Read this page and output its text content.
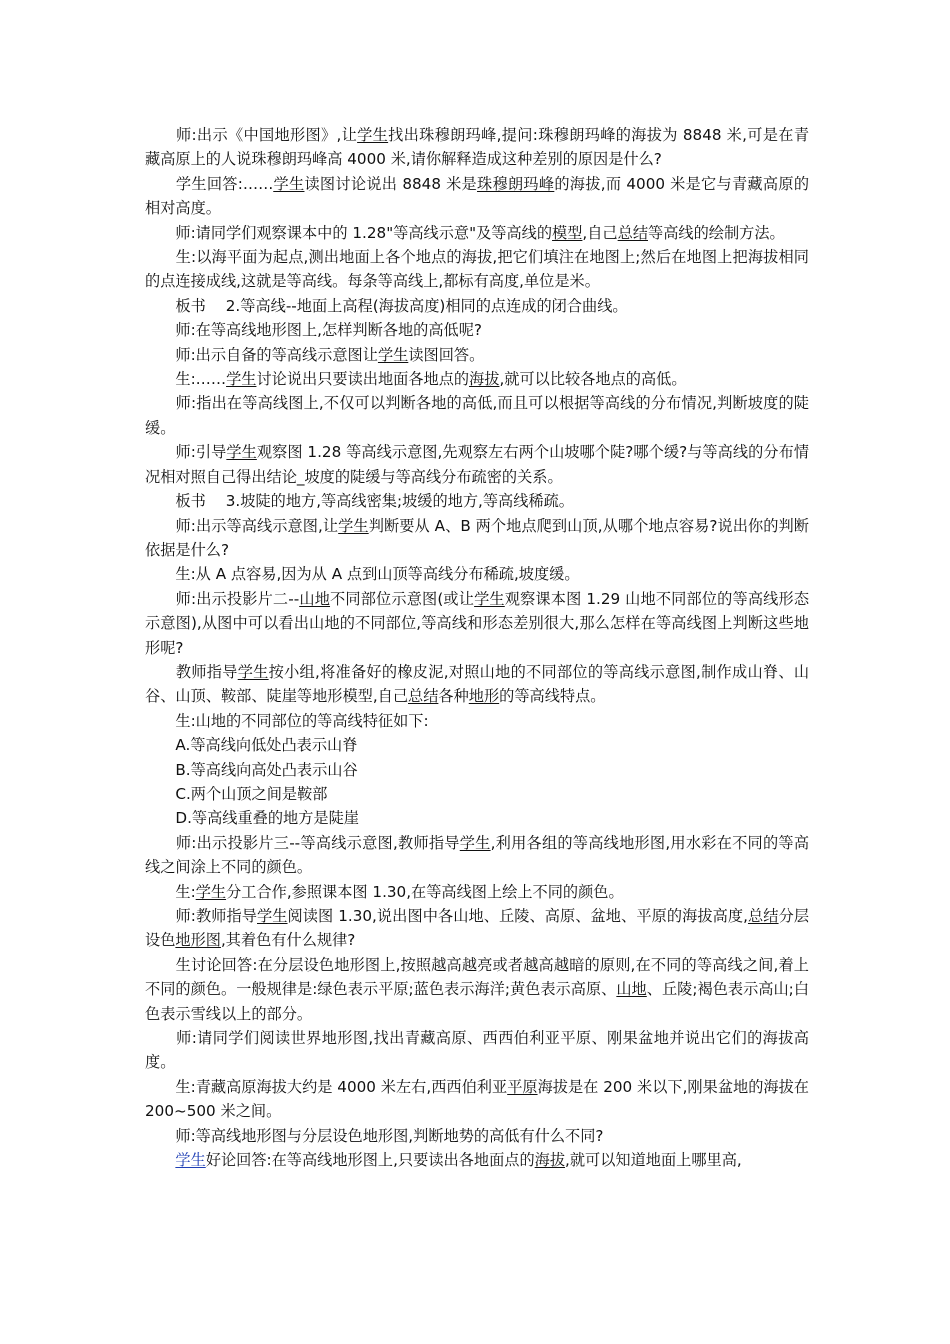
　　师:出示《中国地形图》,让学生找出珠穆朗玛峰,提问:珠穆朗玛峰的海拔为 8848 米,可是在青藏高原上的人说珠穆朗玛峰高 4000 米,请你解释造成这种差别的原因是什么?

　　学生回答:……学生读图讨论说出 8848 米是珠穆朗玛峰的海拔,而 4000 米是它与青藏高原的相对高度。

　　师:请同学们观察课本中的 1.28"等高线示意"及等高线的模型,自己总结等高线的绘制方法。

　　生:以海平面为起点,测出地面上各个地点的海拔,把它们填注在地图上;然后在地图上把海拔相同的点连接成线,这就是等高线。每条等高线上,都标有高度,单位是米。

　　板书　 2.等高线--地面上高程(海拔高度)相同的点连成的闭合曲线。

　　师:在等高线地形图上,怎样判断各地的高低呢?

　　师:出示自备的等高线示意图让学生读图回答。

　　生:……学生讨论说出只要读出地面各地点的海拔,就可以比较各地点的高低。

　　师:指出在等高线图上,不仅可以判断各地的高低,而且可以根据等高线的分布情况,判断坡度的陡缓。

　　师:引导学生观察图 1.28 等高线示意图,先观察左右两个山坡哪个陡?哪个缓?与等高线的分布情况相对照自己得出结论_坡度的陡缓与等高线分布疏密的关系。

　　板书　 3.坡陡的地方,等高线密集;坡缓的地方,等高线稀疏。

　　师:出示等高线示意图,让学生判断要从 A、B 两个地点爬到山顶,从哪个地点容易?说出你的判断依据是什么?

　　生:从 A 点容易,因为从 A 点到山顶等高线分布稀疏,坡度缓。

　　师:出示投影片二--山地不同部位示意图(或让学生观察课本图 1.29 山地不同部位的等高线形态示意图),从图中可以看出山地的不同部位,等高线和形态差别很大,那么怎样在等高线图上判断这些地形呢?

　　教师指导学生按小组,将准备好的橡皮泥,对照山地的不同部位的等高线示意图,制作成山脊、山谷、山顶、鞍部、陡崖等地形模型,自己总结各种地形的等高线特点。

　　生:山地的不同部位的等高线特征如下:

　　A.等高线向低处凸表示山脊

　　B.等高线向高处凸表示山谷

　　C.两个山顶之间是鞍部

　　D.等高线重叠的地方是陡崖

　　师:出示投影片三--等高线示意图,教师指导学生,利用各组的等高线地形图,用水彩在不同的等高线之间涂上不同的颜色。

　　生:学生分工合作,参照课本图 1.30,在等高线图上绘上不同的颜色。

　　师:教师指导学生阅读图 1.30,说出图中各山地、丘陵、高原、盆地、平原的海拔高度,总结分层设色地形图,其着色有什么规律?

　　生讨论回答:在分层设色地形图上,按照越高越亮或者越高越暗的原则,在不同的等高线之间,着上不同的颜色。一般规律是:绿色表示平原;蓝色表示海洋;黄色表示高原、山地、丘陵;褐色表示高山;白色表示雪线以上的部分。

　　师:请同学们阅读世界地形图,找出青藏高原、西西伯利亚平原、刚果盆地并说出它们的海拔高度。

　　生:青藏高原海拔大约是 4000 米左右,西西伯利亚平原海拔是在 200 米以下,刚果盆地的海拔在 200~500 米之间。

　　师:等高线地形图与分层设色地形图,判断地势的高低有什么不同?

　　学生好论回答:在等高线地形图上,只要读出各地面点的海拔,就可以知道地面上哪里高,
